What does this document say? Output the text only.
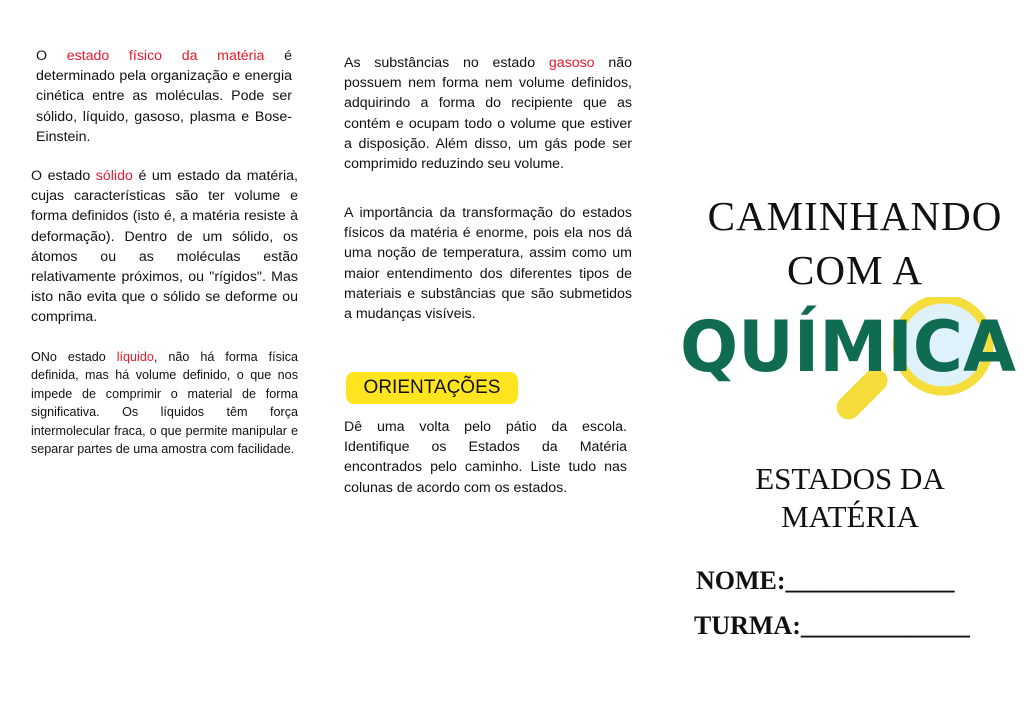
O estado físico da matéria é determinado pela organização e energia cinética entre as moléculas. Pode ser sólido, líquido, gasoso, plasma e Bose-Einstein.

O estado sólido é um estado da matéria, cujas características são ter volume e forma definidos (isto é, a matéria resiste à deformação). Dentro de um sólido, os átomos ou as moléculas estão relativamente próximos, ou "rígidos". Mas isto não evita que o sólido se deforme ou comprima.

ONo estado líquido, não há forma física definida, mas há volume definido, o que nos impede de comprimir o material de forma significativa. Os líquidos têm força intermolecular fraca, o que permite manipular e separar partes de uma amostra com facilidade.

As substâncias no estado gasoso não possuem nem forma nem volume definidos, adquirindo a forma do recipiente que as contém e ocupam todo o volume que estiver a disposição. Além disso, um gás pode ser comprimido reduzindo seu volume.

A importância da transformação do estados físicos da matéria é enorme, pois ela nos dá uma noção de temperatura, assim como um maior entendimento dos diferentes tipos de materiais e substâncias que são submetidos a mudanças visíveis.

ORIENTAÇÕES

Dê uma volta pelo pátio da escola. Identifique os Estados da Matéria encontrados pelo caminho. Liste tudo nas colunas de acordo com os estados.

CAMINHANDO
COM A
QUÍMICA
ESTADOS DA MATÉRIA
NOME:_____________
TURMA:_____________
